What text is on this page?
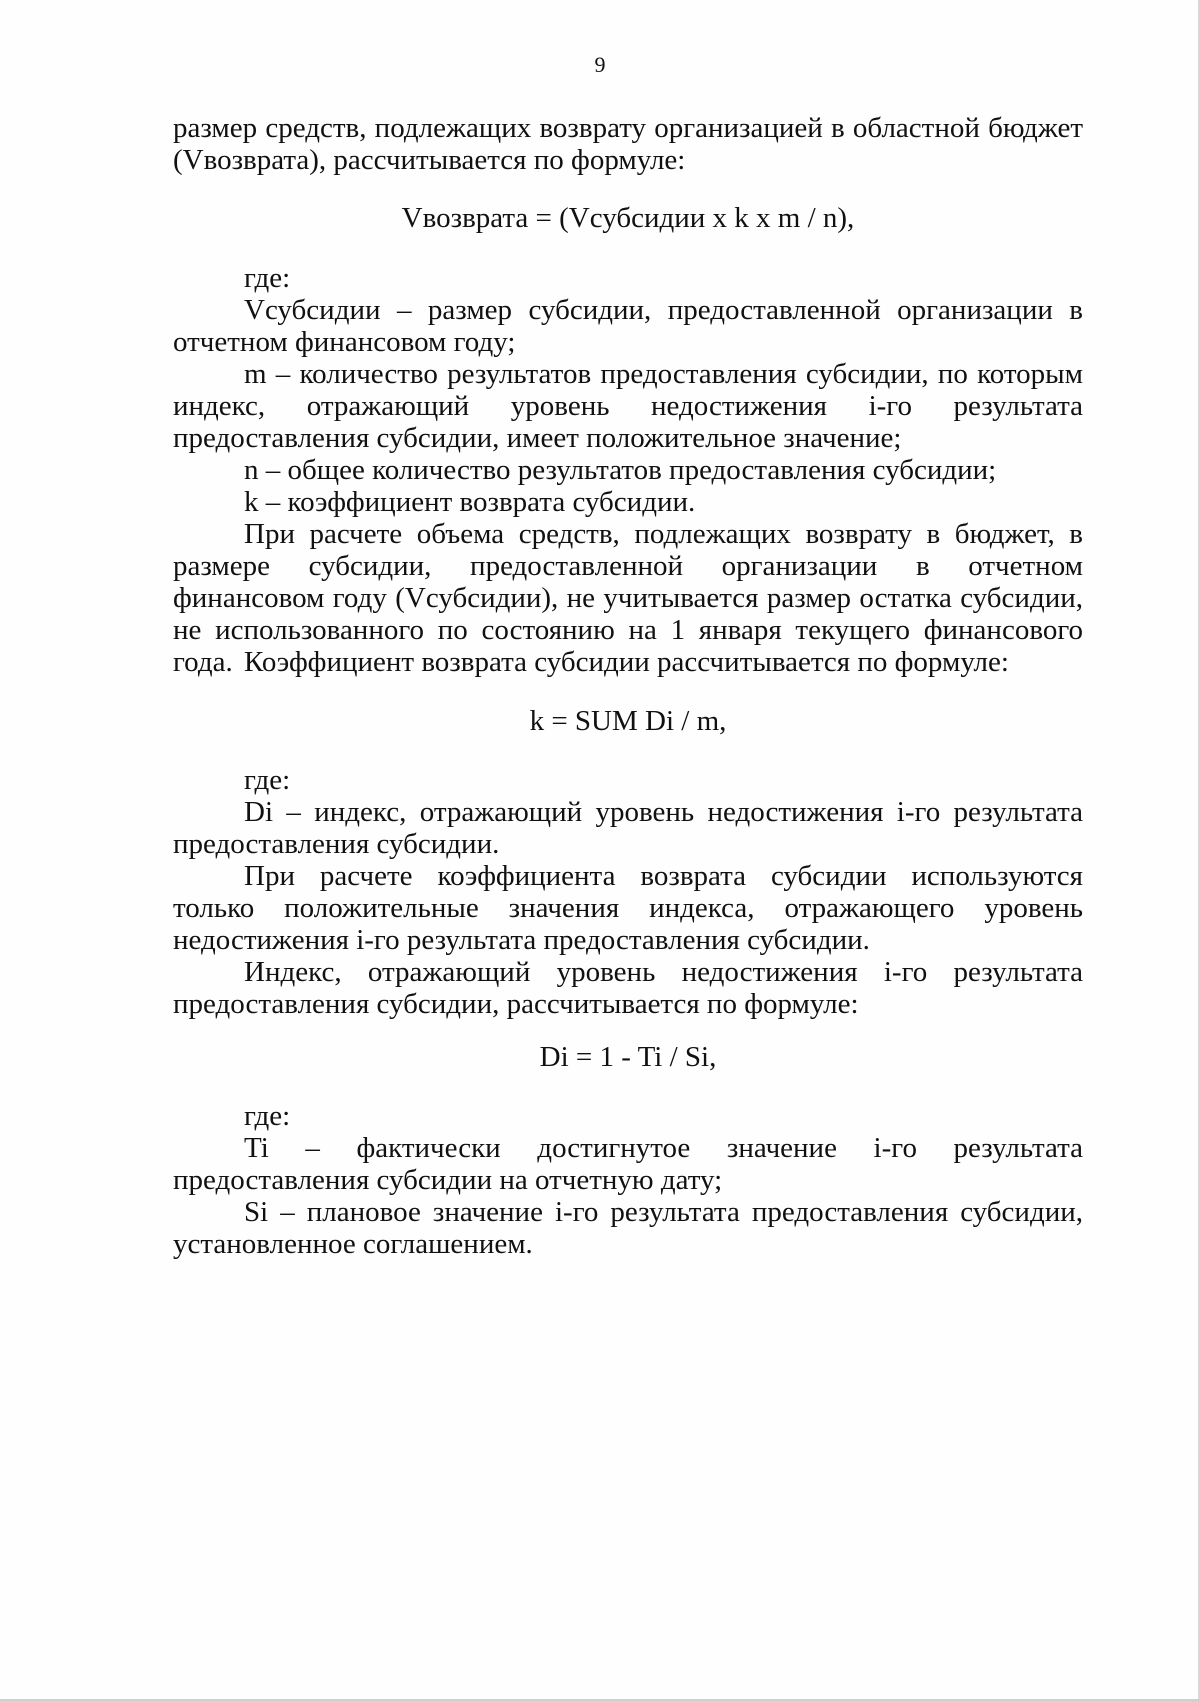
9

размер средств, подлежащих возврату организацией в областной бюджет (Vвозврата), рассчитывается по формуле:

Vвозврата = (Vсубсидии x k x m / n),

где:

Vсубсидии – размер субсидии, предоставленной организации в отчетном финансовом году;

m – количество результатов предоставления субсидии, по которым индекс, отражающий уровень недостижения i-го результата предоставления субсидии, имеет положительное значение;

n – общее количество результатов предоставления субсидии;

k – коэффициент возврата субсидии.

При расчете объема средств, подлежащих возврату в бюджет, в размере субсидии, предоставленной организации в отчетном финансовом году (Vсубсидии), не учитывается размер остатка субсидии, не использованного по состоянию на 1 января текущего финансового года. Коэффициент возврата субсидии рассчитывается по формуле:

k = SUM Di / m,

где:

Di – индекс, отражающий уровень недостижения i-го результата предоставления субсидии.

При расчете коэффициента возврата субсидии используются только положительные значения индекса, отражающего уровень недостижения i-го результата предоставления субсидии.

Индекс, отражающий уровень недостижения i-го результата предоставления субсидии, рассчитывается по формуле:

Di = 1 - Ti / Si,

где:

Ti – фактически достигнутое значение i-го результата предоставления субсидии на отчетную дату;

Si – плановое значение i-го результата предоставления субсидии, установленное соглашением.
